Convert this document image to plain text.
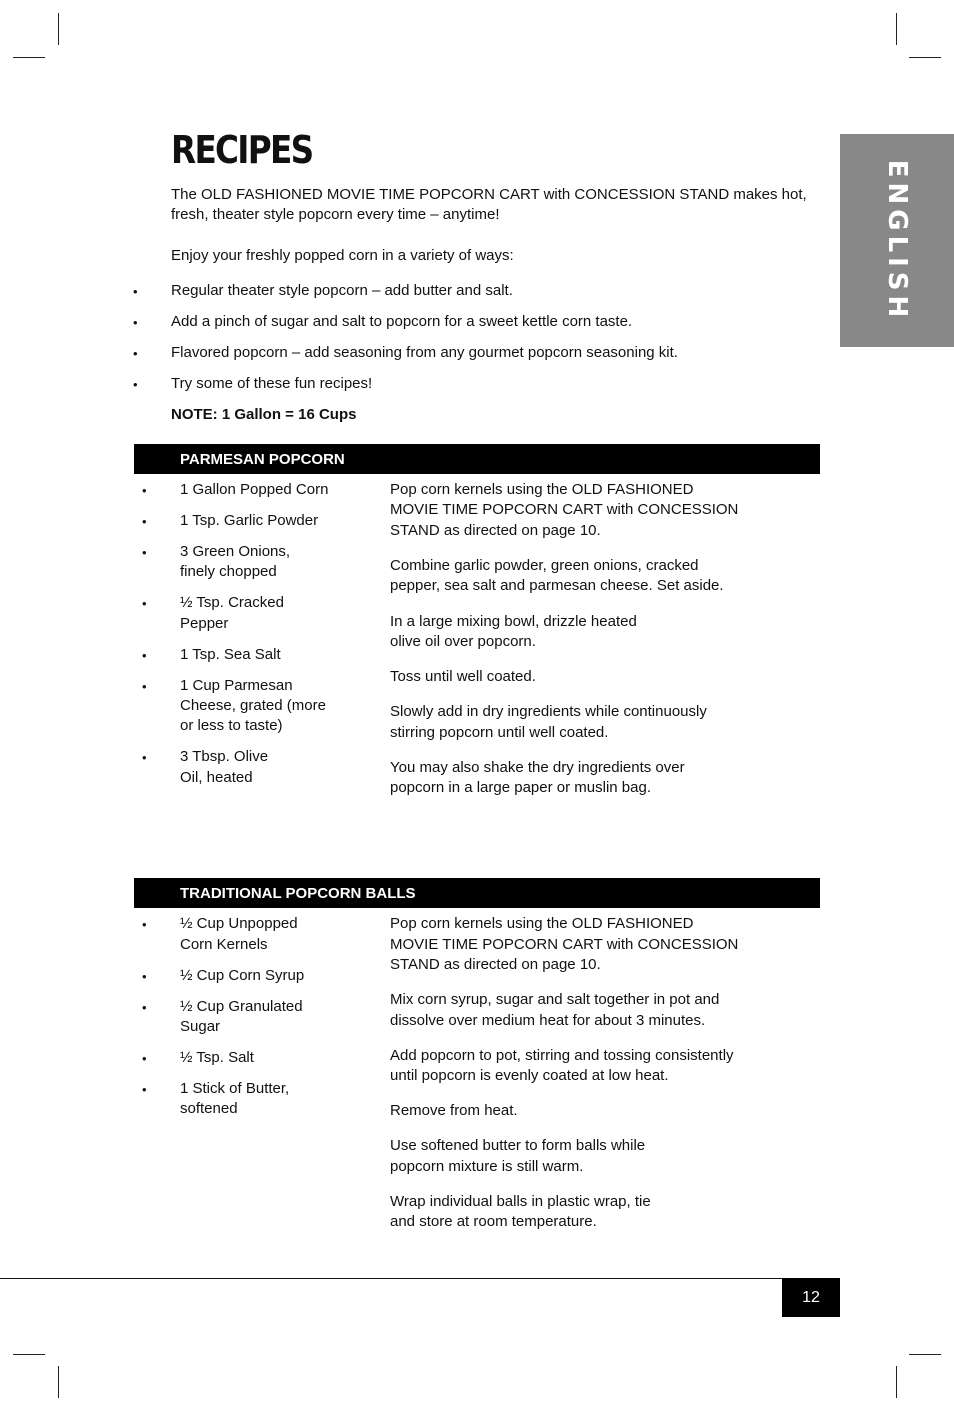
ENGLISH
RECIPES

The OLD FASHIONED MOVIE TIME POPCORN CART with CONCESSION STAND makes hot,

fresh, theater style popcorn every time – anytime!

Enjoy your freshly popped corn in a variety of ways:

• Regular theater style popcorn – add butter and salt.

• Add a pinch of sugar and salt to popcorn for a sweet kettle corn taste.

• Flavored popcorn – add seasoning from any gourmet popcorn seasoning kit.

• Try some of these fun recipes!

NOTE: 1 Gallon = 16 Cups

PARMESAN POPCORN
• 1 Gallon Popped Corn

• 1 Tsp. Garlic Powder

• 3 Green Onions,

finely chopped

• ½ Tsp. Cracked

Pepper

• 1 Tsp. Sea Salt

• 1 Cup Parmesan

Cheese, grated (more

or less to taste)

• 3 Tbsp. Olive

Oil, heated

Pop corn kernels using the OLD FASHIONED

MOVIE TIME POPCORN CART with CONCESSION

STAND as directed on page 10.

Combine garlic powder, green onions, cracked

pepper, sea salt and parmesan cheese. Set aside.

In a large mixing bowl, drizzle heated

olive oil over popcorn.

Toss until well coated.

Slowly add in dry ingredients while continuously

stirring popcorn until well coated.

You may also shake the dry ingredients over

popcorn in a large paper or muslin bag.

TRADITIONAL POPCORN BALLS
• ½ Cup Unpopped

Corn Kernels

• ½ Cup Corn Syrup

• ½ Cup Granulated

Sugar

• ½ Tsp. Salt

• 1 Stick of Butter,

softened

Pop corn kernels using the OLD FASHIONED

MOVIE TIME POPCORN CART with CONCESSION

STAND as directed on page 10.

Mix corn syrup, sugar and salt together in pot and

dissolve over medium heat for about 3 minutes.

Add popcorn to pot, stirring and tossing consistently

until popcorn is evenly coated at low heat.

Remove from heat.

Use softened butter to form balls while

popcorn mixture is still warm.

Wrap individual balls in plastic wrap, tie

and store at room temperature.

12
